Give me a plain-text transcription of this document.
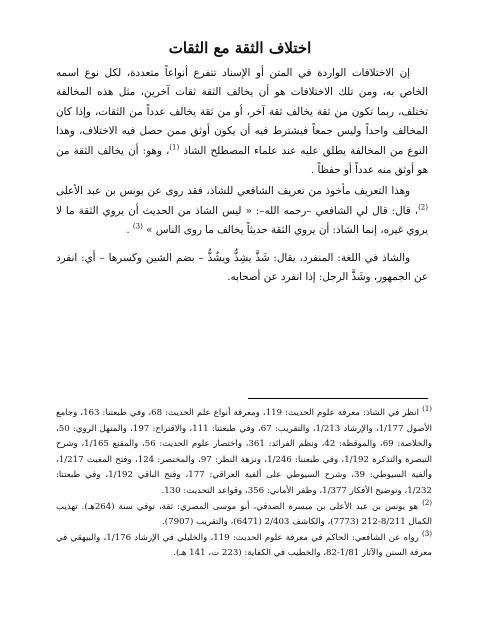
اختلاف الثقة مع الثقات

إن الاختلافات الواردة في المتن أو الإسناد تتفرع أنواعاً متعددة، لكل نوع اسمه الخاص به، ومن تلك الاختلافات هو أن يخالف الثقة ثقات آخرين، مثل هذه المخالفة تختلف، ربما تكون من ثقة يخالف ثقة آخر، أو من ثقة يخالف عدداً من الثقات، وإذا كان المخالف واحداً وليس جمعاً فيشترط فيه أن يكون أوثق ممن حصل فيه الاختلاف، وهذا النوع من المخالفة يطلق عليه عند علماء المصطلح الشاذ $^{(1)}$، وهو: أن يخالف الثقة من هو أوثق منه عدداً أو حفظاً .

وهذا التعريف مأخوذ من تعريف الشافعي للشاذ، فقد روى عن يونس بن عبد الأعلى $^{(2)}$، قال: قال لي الشافعي –رحمه الله–: « ليس الشاذ من الحديث أن يروي الثقة ما لا يروي غيره، إنما الشاذ: أن يروي الثقة حديثاً يخالف ما روى الناس » $^{(3)}$ .

والشاذ في اللغة: المنفرد، يقال: شَذَّ يشِذُّ ويشُذُّ – بضم الشين وكسرها – أي: انفرد عن الجمهور، وشَذَّ الرجل: إذا انفرد عن أصحابه.

$^{(1)}$ انظر في الشاذ: معرفة علوم الحديث: 119، ومعرفة أنواع علم الحديث: 68، وفي طبعتنا: 163، وجامع الأصول 1/177، والإرشاد 1/213، والتقريب: 67، وفي طبعتنا: 111، والاقتراح: 197، والمنهل الروي: 50، والخلاصة: 69، والموقظة: 42، ونظم الفرائد: 361، واختصار علوم الحديث: 56، والمقنع 1/165، وشرح التبصرة والتذكرة 1/192، وفي طبعتنا: 1/246، ونزهة النظر: 97، والمختصر: 124، وفتح المغيث 1/217، وألفية السيوطي: 39، وشرح السيوطي على ألفية العراقي: 177، وفتح الباقي 1/192، وفي طبعتنا: 1/232، وتوضيح الأفكار 1/377، وظفر الأماني: 356، وقواعد التحديث: 130.

$^{(2)}$ هو يونس بن عبد الأعلى بن ميسرة الصدفي، أبو موسى المصري: ثقة، توفي سنة (264هـ). تهذيب الكمال 8/211-212 (7773)، والكاشف 2/403 (6471)، والتقريب (7907).

$^{(3)}$ رواه عن الشافعي: الحاكم في معرفة علوم الحديث: 119، والخليلي في الإرشاد 1/176، والبيهقي في معرفة السنن والآثار 1/81-82، والخطيب في الكفاية: (223 ت، 141 هـ).
